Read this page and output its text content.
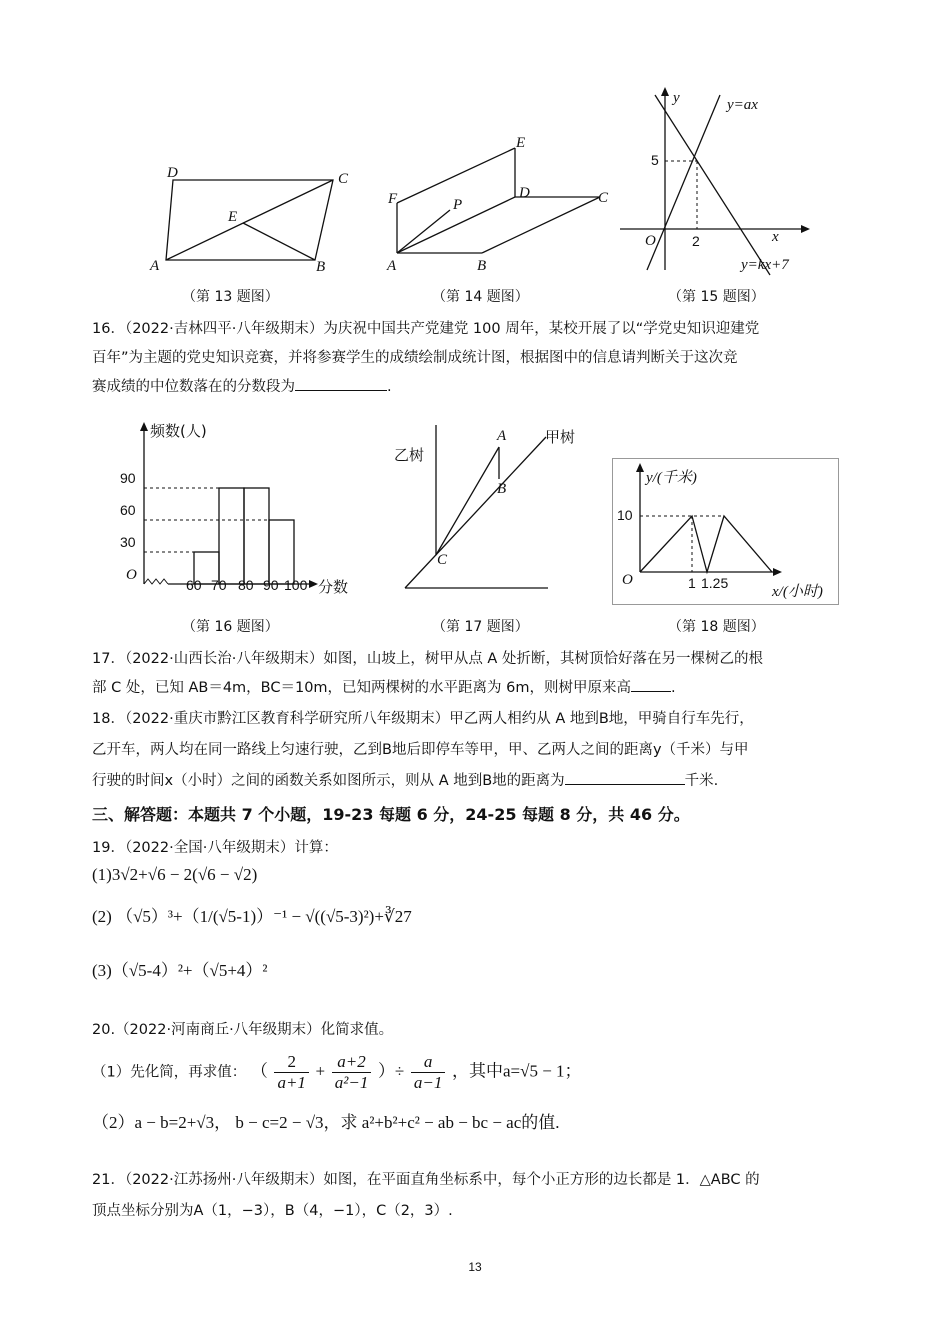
D	C
E
A	B
（第 13 题图）
P
F
E
D	C
A	B
（第 14 题图）
y
x
O
y=ax
y=kx+7
5
2
（第 15 题图）
16．（2022·吉林四平·八年级期末）为庆祝中国共产党建党 100 周年，某校开展了以“学党史知识迎建党
百年”为主题的党史知识竞赛，并将参赛学生的成绩绘制成统计图，根据图中的信息请判断关于这次竞
赛成绩的中位数落在的分数段为	.
O
频数(人)
分数
90
60
30
60 70 80 90 100
（第 16 题图）
乙树
甲树
A
B
C
（第 17 题图）
y/(千米)
x/(小时)
O
10
1 1.25
（第 18 题图）
17．（2022·山西长治·八年级期末）如图，山坡上，树甲从点 A 处折断，其树顶恰好落在另一棵树乙的根
部 C 处，已知 AB＝4m，BC＝10m，已知两棵树的水平距离为 6m，则树甲原来高	.
18．（2022·重庆市黔江区教育科学研究所八年级期末）甲乙两人相约从 A 地到B地，甲骑自行车先行，
乙开车，两人均在同一路线上匀速行驶，乙到B地后即停车等甲，甲、乙两人之间的距离y（千米）与甲
行驶的时间x（小时）之间的函数关系如图所示，则从 A 地到B地的距离为	千米.
三、解答题：本题共 7 个小题，19-23 每题 6 分，24-25 每题 8 分，共 46 分。
19．（2022·全国·八年级期末）计算：
(1)3√2+√6 − 2(√6 − √2)
(2) （√5）³+（1/(√5-1)）⁻¹ − √((√5-3)²)+∛27
(3)（√5-4）²+（√5+4）²
20.（2022·河南商丘·八年级期末）化简求值。
（1）先化简，再求值： （ $\frac{2}{a+1} + \frac{a+2}{\text{a²−1}}$ ）÷ $\frac{a}{a-1}$ ，其中a=√5 − 1；
（2）a − b=2+√3， b − c=2 − √3，求 a²+b²+c² − ab − bc − ac的值.
21．（2022·江苏扬州·八年级期末）如图，在平面直角坐标系中，每个小正方形的边长都是 1．△ABC 的
顶点坐标分别为A（1，−3），B（4，−1），C（2，3）.
13
